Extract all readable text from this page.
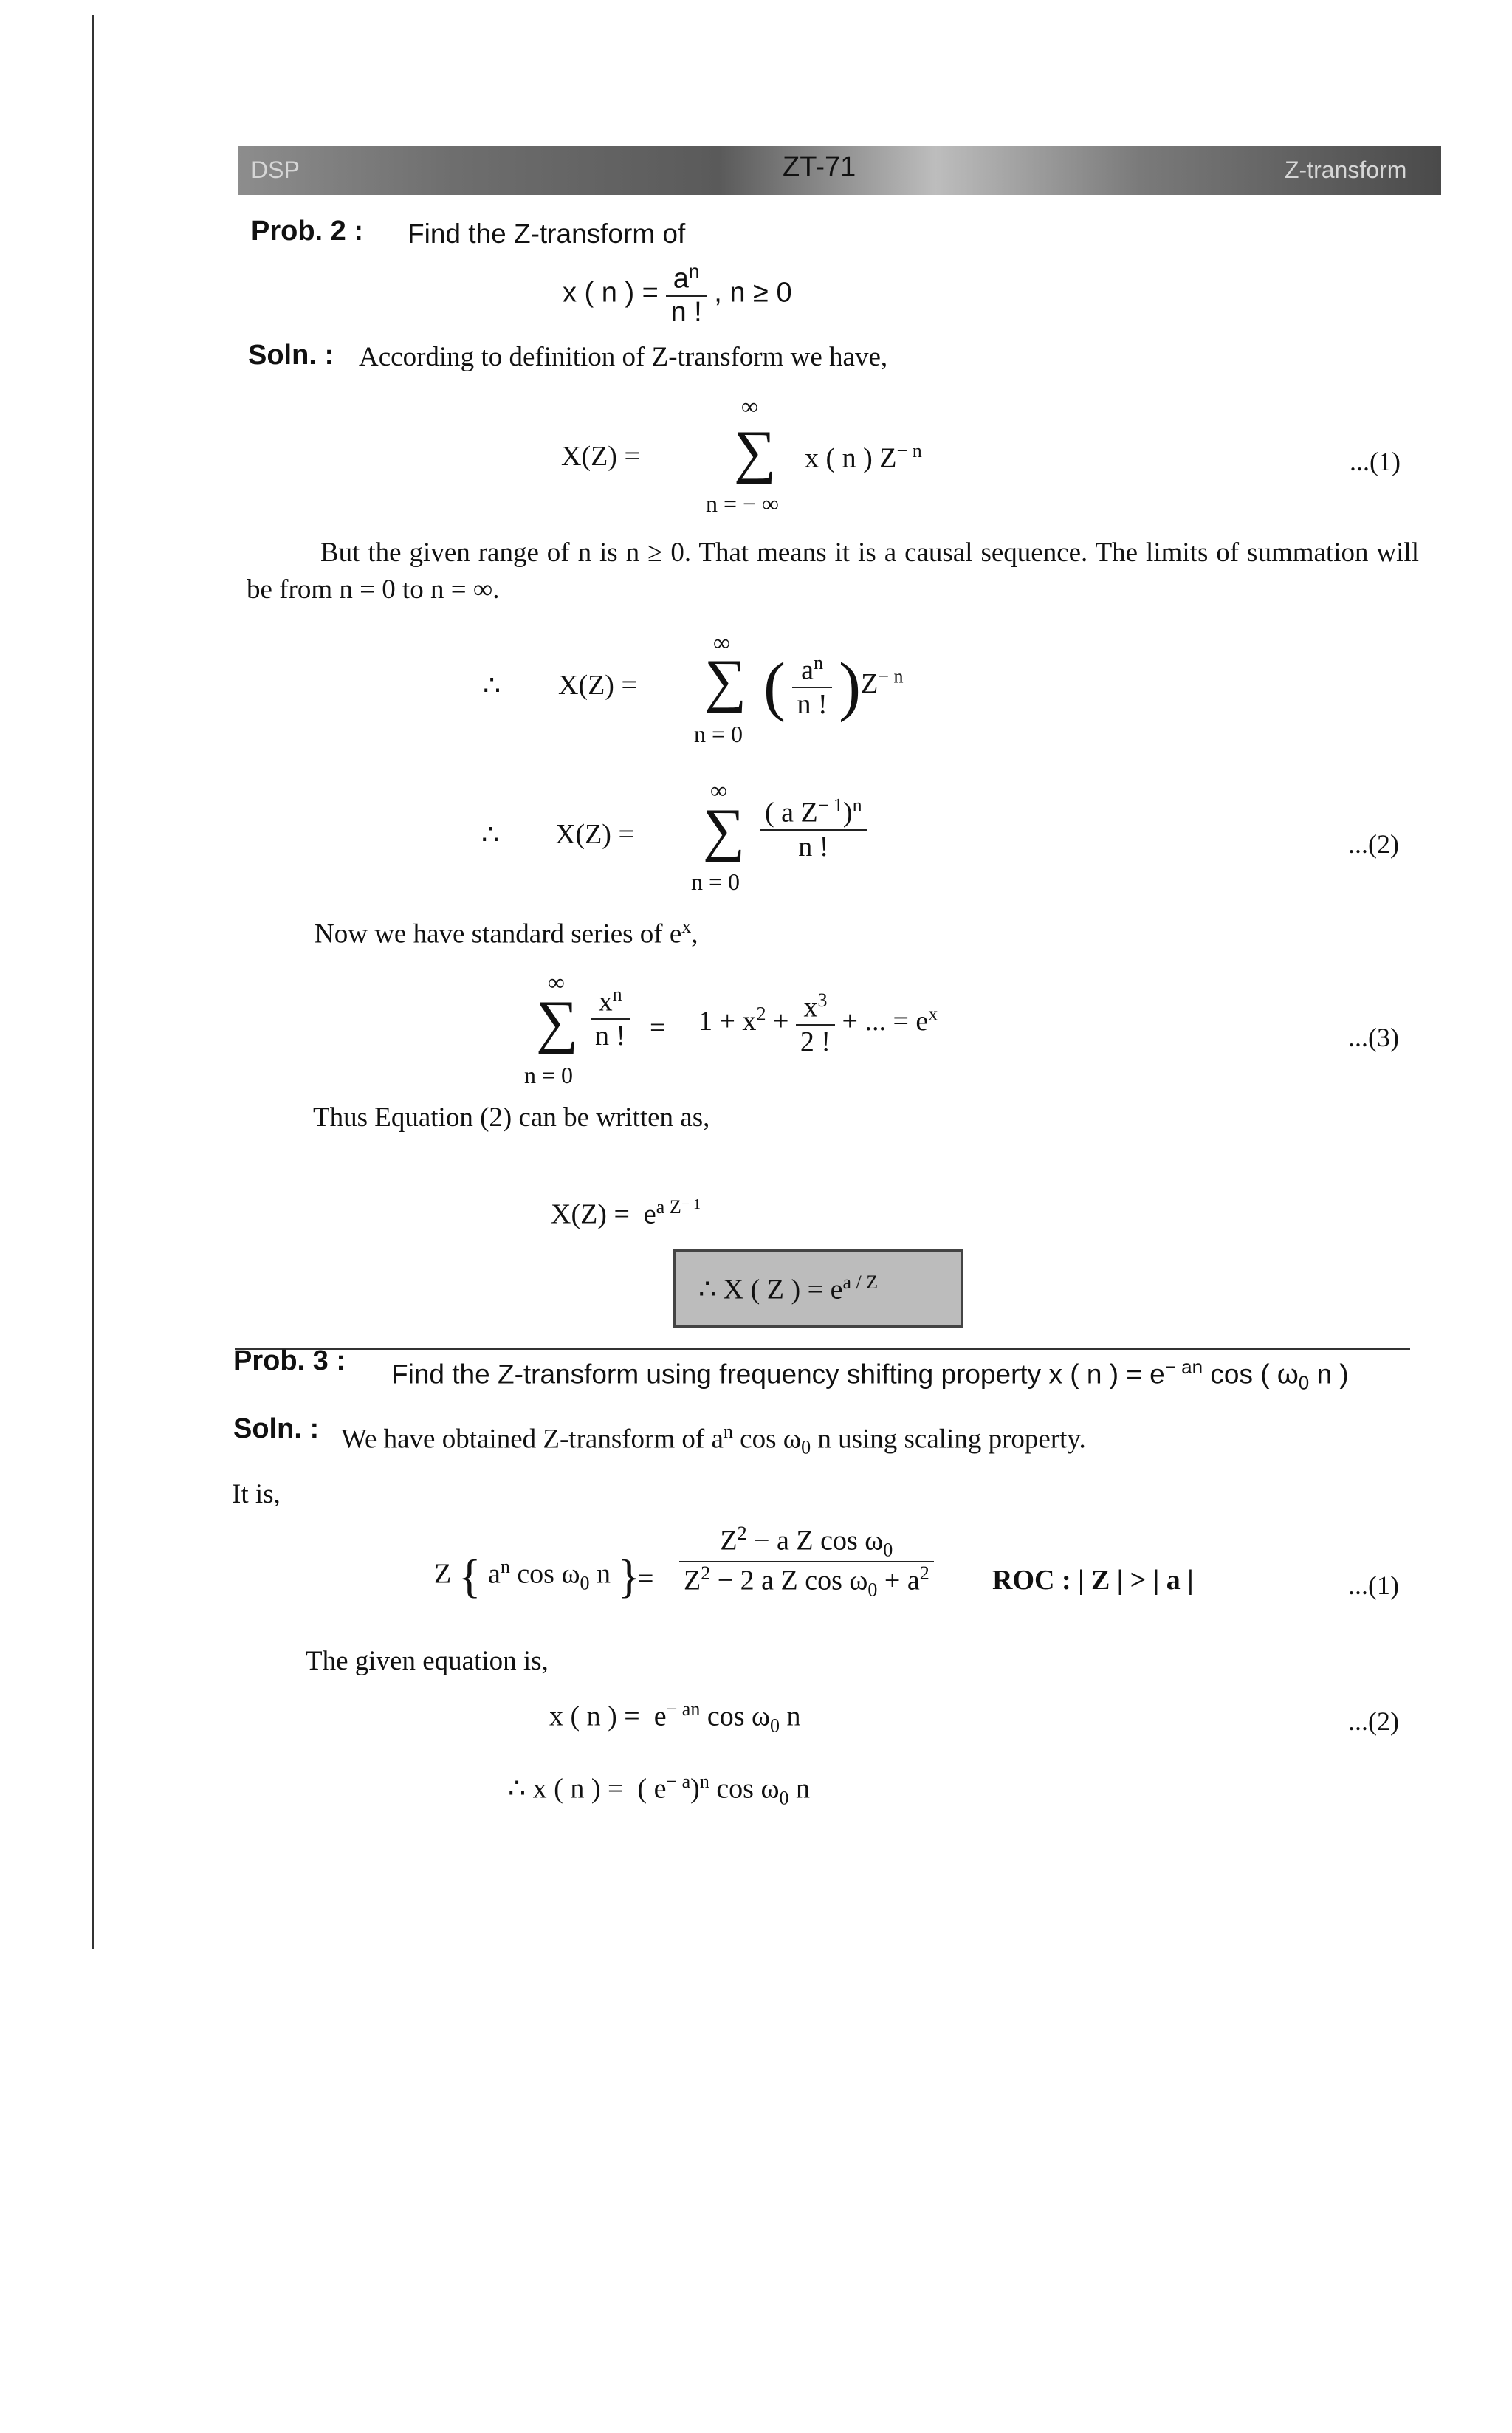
DSP	ZT-71	Z-transform
Prob. 2 : Find the Z-transform of
x ( n ) = $\frac{a^n}{n !}$ , n ≥ 0
Soln. : According to definition of Z-transform we have,
∞
X(Z) = ∑ x ( n ) $Z^{- n}$
n = − ∞
...(1)
But the given range of n is n ≥ 0. That means it is a causal sequence. The limits of summation will be from n = 0 to n = ∞.
∞
∴ X(Z) = ∑ ( $\frac{a^n}{n !} )Z^{- n}$
n = 0
∞
∴ X(Z) = ∑ $\frac{( a Z^{- 1})^n}{n !}$
n = 0
...(2)
Now we have standard series of $e^x$,
∞
∑ $\frac{x^n}{n !} = 1 + x^2 + \frac{x^3}{2 !}$ + ... = $e^x$
n = 0
...(3)
Thus Equation (2) can be written as,
$X(Z) = e^{a Z- 1}$
∴ X ( Z ) = $e^{a / Z}$
Prob. 3 : Find the Z-transform using frequency shifting property x ( n ) = $e^{- an}$ cos ( $\omega_0$ n )
Soln. : We have obtained Z-transform of $a^n$ $\cos \omega_0$ n using scaling property.
It is,
Z { $a^n$ $\cos \omega_0$ n }
= $\frac{Z^2 - a Z \cos \omega_0}{Z^2 - 2 a Z \cos \omega_0 + a^2}$ ROC : | Z | > | a |	...(1)
The given equation is,
x ( n ) = $e^{- an}$ $\cos \omega_0$ n	...(2)
∴ x ( n ) = ( $e^{- a})^n$ $\cos \omega_0$ n
